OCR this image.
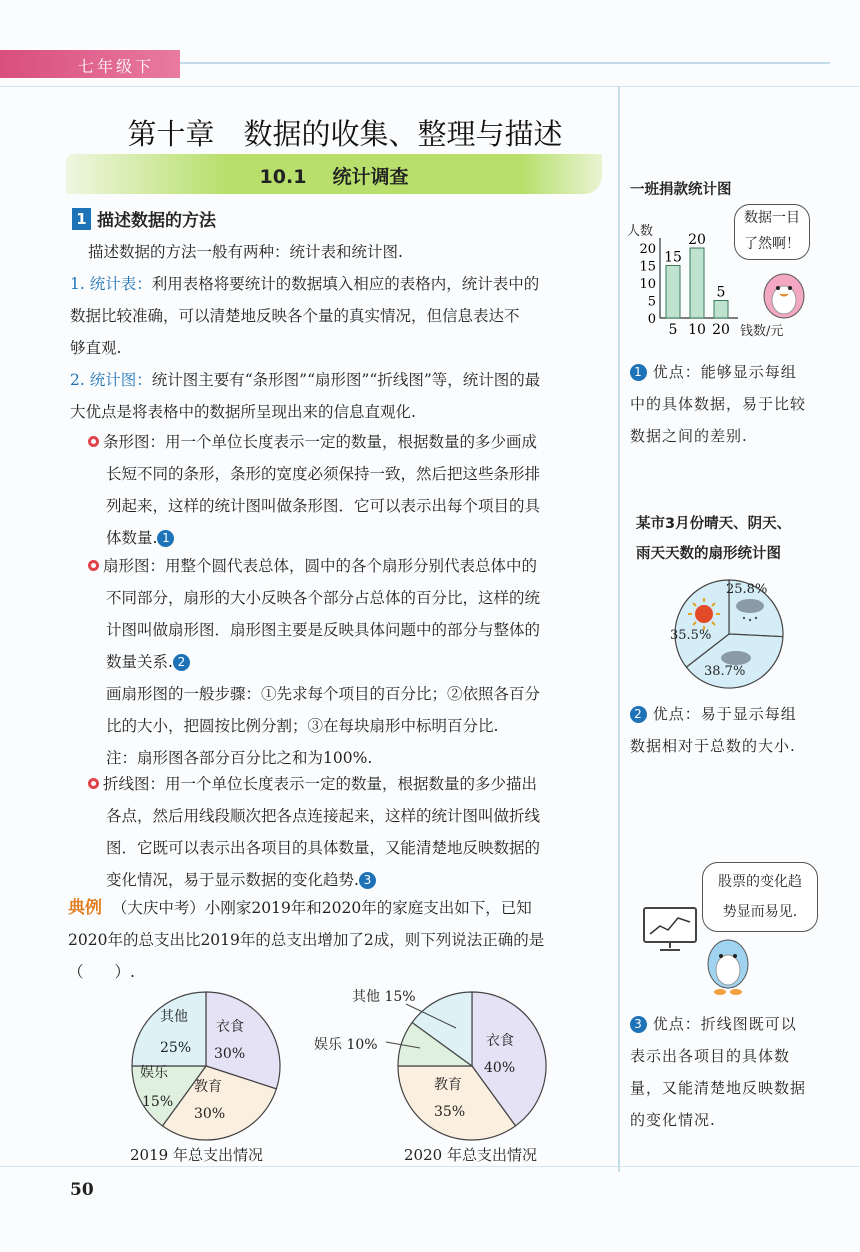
七年级下
第十章　数据的收集、整理与描述
10.1 统计调查
1 描述数据的方法
描述数据的方法一般有两种：统计表和统计图.
1. 统计表：利用表格将要统计的数据填入相应的表格内，统计表中的
数据比较准确，可以清楚地反映各个量的真实情况，但信息表达不
够直观.
2. 统计图：统计图主要有“条形图”“扇形图”“折线图”等，统计图的最
大优点是将表格中的数据所呈现出来的信息直观化.
条形图：用一个单位长度表示一定的数量，根据数量的多少画成
长短不同的条形，条形的宽度必须保持一致，然后把这些条形排
列起来，这样的统计图叫做条形图．它可以表示出每个项目的具
体数量. 1
扇形图：用整个圆代表总体，圆中的各个扇形分别代表总体中的
不同部分，扇形的大小反映各个部分占总体的百分比，这样的统
计图叫做扇形图．扇形图主要是反映具体问题中的部分与整体的
数量关系. 2
画扇形图的一般步骤：①先求每个项目的百分比；②依照各百分
比的大小，把圆按比例分割；③在每块扇形中标明百分比.
注：扇形图各部分百分比之和为100%.
折线图：用一个单位长度表示一定的数量，根据数量的多少描出
各点，然后用线段顺次把各点连接起来，这样的统计图叫做折线
图．它既可以表示出各项目的具体数量，又能清楚地反映数据的
变化情况，易于显示数据的变化趋势. 3
典例 （大庆中考）小刚家2019年和2020年的家庭支出如下，已知
2020年的总支出比2019年的总支出增加了2成，则下列说法正确的是
（　　）.
其他
25%
衣食
30%
娱乐
15%
教育
30%
2019 年总支出情况
其他 15%
娱乐 10%	衣食
40%
教育
35%
2020 年总支出情况
一班捐款统计图
20
15
10
5
0
15
5
20
10
5
20
人数
钱数/元
数据一目
了然啊！
1 优点：能够显示每组
中的具体数据，易于比较
数据之间的差别.
某市3月份晴天、阴天、
雨天天数的扇形统计图
25.8%
35.5%
38.7%
2 优点：易于显示每组
数据相对于总数的大小.
股票的变化趋
势显而易见.
3 优点：折线图既可以
表示出各项目的具体数
量，又能清楚地反映数据
的变化情况.
50
